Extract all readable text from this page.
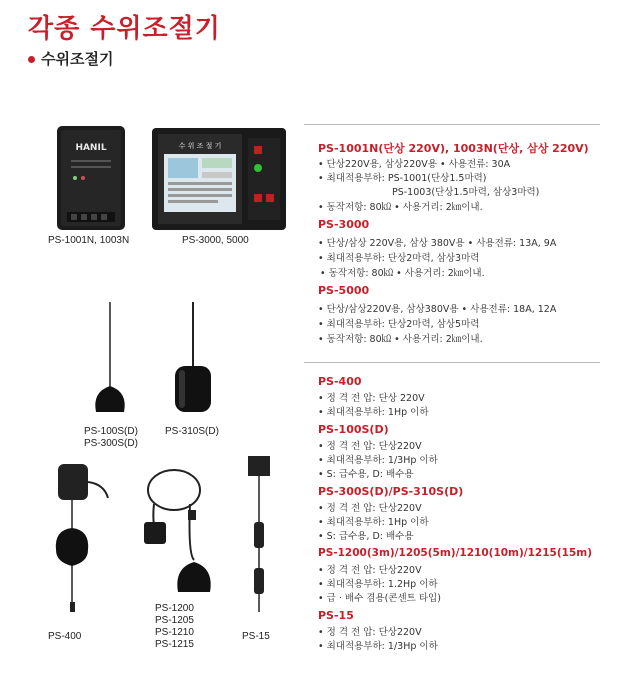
각종 수위조절기
수위조절기
HANIL	수 위 조 절 기
PS-1001N, 1003N	PS-3000, 5000
PS-100S(D)
PS-300S(D)
PS-310S(D)
PS-400
PS-1200
PS-1205
PS-1210
PS-1215
PS-15
PS-1001N(단상 220V), 1003N(단상, 삼상 220V)
• 단상220V용, 삼상220V용 • 사용전류: 30A
• 최대적용부하: PS-1001(단상1.5마력)
PS-1003(단상1.5마력, 삼상3마력)
• 동작저항: 80㏀ • 사용거리: 2㎞이내.
PS-3000
• 단상/삼상 220V용, 삼상 380V용 • 사용전류: 13A, 9A
• 최대적용부하: 단상2마력, 삼상3마력
• 동작저항: 80㏀ • 사용거리: 2㎞이내.
PS-5000
• 단상/삼상220V용, 삼상380V용 • 사용전류: 18A, 12A
• 최대적용부하: 단상2마력, 삼상5마력
• 동작저항: 80㏀ • 사용거리: 2㎞이내.
PS-400
• 정 격 전 압: 단상 220V
• 최대적용부하: 1Hp 이하
PS-100S(D)
• 정 격 전 압: 단상220V
• 최대적용부하: 1/3Hp 이하
• S: 급수용, D: 배수용
PS-300S(D)/PS-310S(D)
• 정 격 전 압: 단상220V
• 최대적용부하: 1Hp 이하
• S: 급수용, D: 배수용
PS-1200(3m)/1205(5m)/1210(10m)/1215(15m)
• 정 격 전 압: 단상220V
• 최대적용부하: 1.2Hp 이하
• 급 · 배수 겸용(콘센트 타입)
PS-15
• 정 격 전 압: 단상220V
• 최대적용부하: 1/3Hp 이하
